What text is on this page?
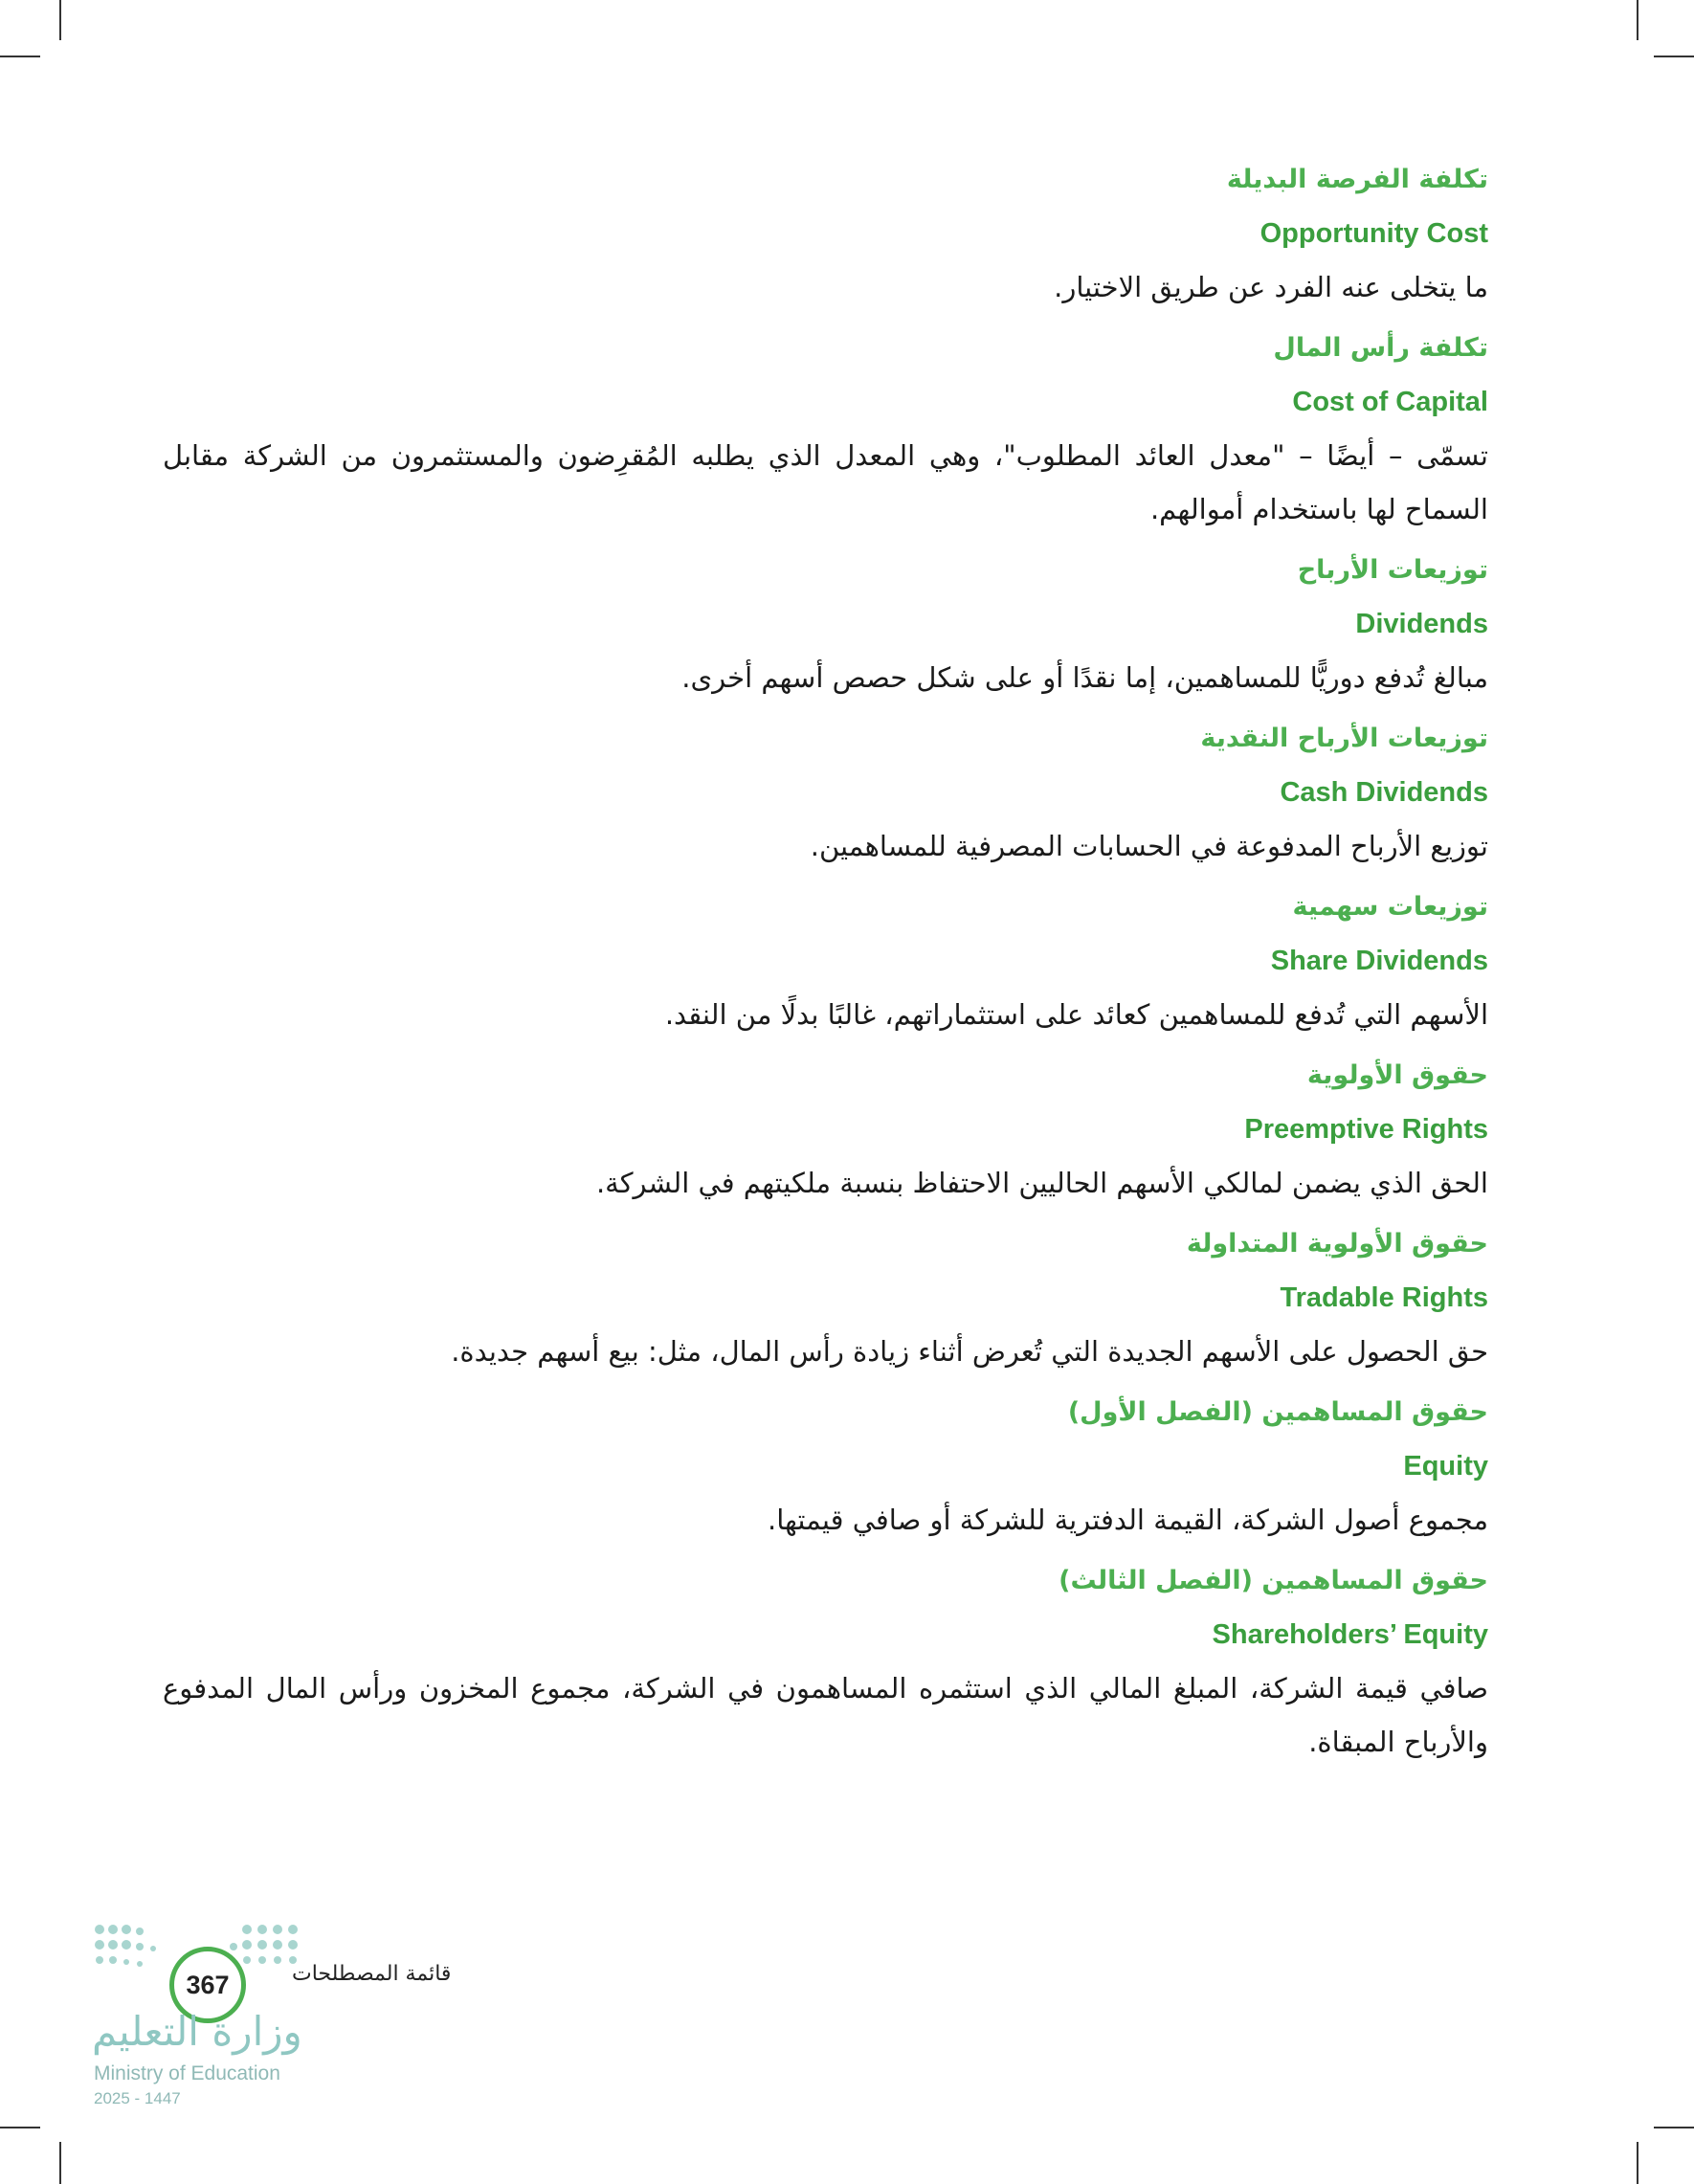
تكلفة الفرصة البديلة
Opportunity Cost
ما يتخلى عنه الفرد عن طريق الاختيار.
تكلفة رأس المال
Cost of Capital
تسمّى – أيضًا – "معدل العائد المطلوب"، وهي المعدل الذي يطلبه المُقرِضون والمستثمرون من الشركة مقابل السماح لها باستخدام أموالهم.
توزيعات الأرباح
Dividends
مبالغ تُدفع دوريًّا للمساهمين، إما نقدًا أو على شكل حصص أسهم أخرى.
توزيعات الأرباح النقدية
Cash Dividends
توزيع الأرباح المدفوعة في الحسابات المصرفية للمساهمين.
توزيعات سهمية
Share Dividends
الأسهم التي تُدفع للمساهمين كعائد على استثماراتهم، غالبًا بدلًا من النقد.
حقوق الأولوية
Preemptive Rights
الحق الذي يضمن لمالكي الأسهم الحاليين الاحتفاظ بنسبة ملكيتهم في الشركة.
حقوق الأولوية المتداولة
Tradable Rights
حق الحصول على الأسهم الجديدة التي تُعرض أثناء زيادة رأس المال، مثل: بيع أسهم جديدة.
حقوق المساهمين (الفصل الأول)
Equity
مجموع أصول الشركة، القيمة الدفترية للشركة أو صافي قيمتها.
حقوق المساهمين (الفصل الثالث)
Shareholders’ Equity
صافي قيمة الشركة، المبلغ المالي الذي استثمره المساهمون في الشركة، مجموع المخزون ورأس المال المدفوع والأرباح المبقاة.
367	قائمة المصطلحات
وزارة التعليم
Ministry of Education
2025 - 1447
